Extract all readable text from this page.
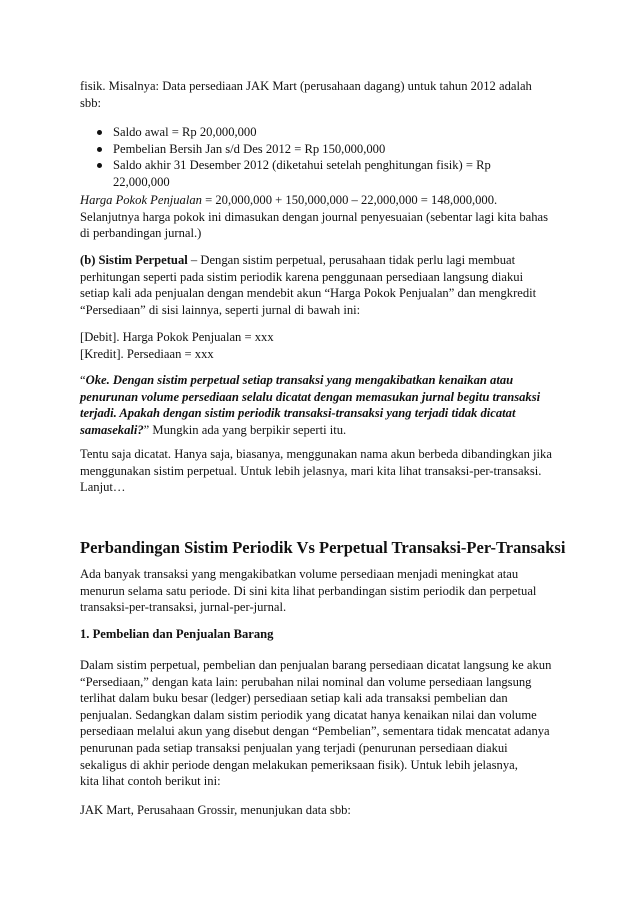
fisik. Misalnya: Data persediaan JAK Mart (perusahaan dagang) untuk tahun 2012 adalah
sbb:

Saldo awal = Rp 20,000,000
Pembelian Bersih Jan s/d Des 2012 = Rp 150,000,000
Saldo akhir 31 Desember 2012 (diketahui setelah penghitungan fisik) = Rp
22,000,000

Harga Pokok Penjualan = 20,000,000 + 150,000,000 – 22,000,000 = 148,000,000.
Selanjutnya harga pokok ini dimasukan dengan journal penyesuaian (sebentar lagi kita bahas
di perbandingan jurnal.)

(b) Sistim Perpetual – Dengan sistim perpetual, perusahaan tidak perlu lagi membuat
perhitungan seperti pada sistim periodik karena penggunaan persediaan langsung diakui
setiap kali ada penjualan dengan mendebit akun “Harga Pokok Penjualan” dan mengkredit
“Persediaan” di sisi lainnya, seperti jurnal di bawah ini:

[Debit]. Harga Pokok Penjualan = xxx
[Kredit]. Persediaan = xxx

“Oke. Dengan sistim perpetual setiap transaksi yang mengakibatkan kenaikan atau
penurunan volume persediaan selalu dicatat dengan memasukan jurnal begitu transaksi
terjadi. Apakah dengan sistim periodik transaksi-transaksi yang terjadi tidak dicatat
samasekali?” Mungkin ada yang berpikir seperti itu.

Tentu saja dicatat. Hanya saja, biasanya, menggunakan nama akun berbeda dibandingkan jika
menggunakan sistim perpetual. Untuk lebih jelasnya, mari kita lihat transaksi-per-transaksi.
Lanjut…

Perbandingan Sistim Periodik Vs Perpetual Transaksi-Per-Transaksi

Ada banyak transaksi yang mengakibatkan volume persediaan menjadi meningkat atau
menurun selama satu periode. Di sini kita lihat perbandingan sistim periodik dan perpetual
transaksi-per-transaksi, jurnal-per-jurnal.

1. Pembelian dan Penjualan Barang

Dalam sistim perpetual, pembelian dan penjualan barang persediaan dicatat langsung ke akun
“Persediaan,” dengan kata lain: perubahan nilai nominal dan volume persediaan langsung
terlihat dalam buku besar (ledger) persediaan setiap kali ada transaksi pembelian dan
penjualan. Sedangkan dalam sistim periodik yang dicatat hanya kenaikan nilai dan volume
persediaan melalui akun yang disebut dengan “Pembelian”, sementara tidak mencatat adanya
penurunan pada setiap transaksi penjualan yang terjadi (penurunan persediaan diakui
sekaligus di akhir periode dengan melakukan pemeriksaan fisik). Untuk lebih jelasnya,
kita lihat contoh berikut ini:

JAK Mart, Perusahaan Grossir, menunjukan data sbb:
